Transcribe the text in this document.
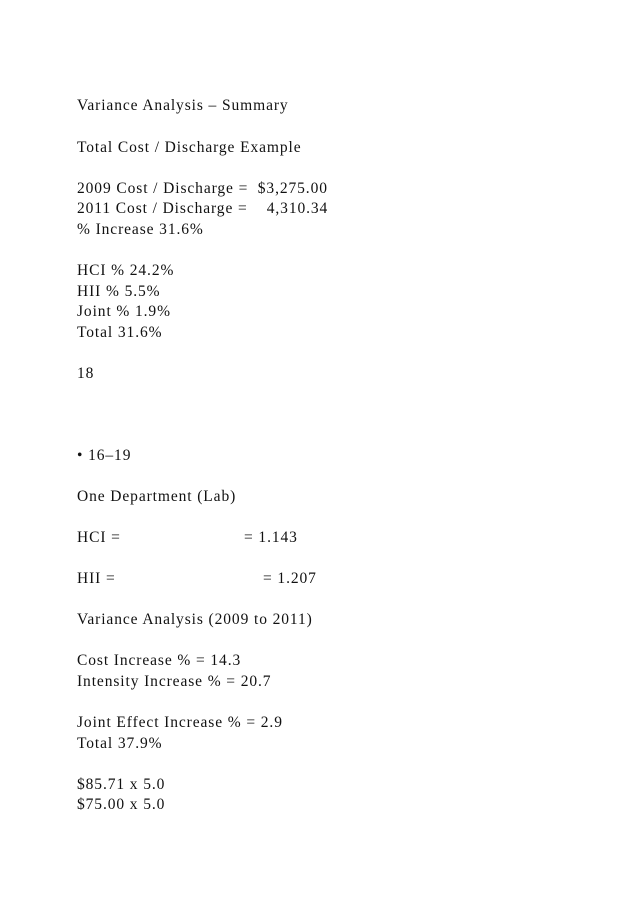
Variance Analysis – Summary
Total Cost / Discharge Example
2009 Cost / Discharge =  $3,275.00
2011 Cost / Discharge =    4,310.34
% Increase 31.6%
HCI % 24.2%
HII % 5.5%
Joint % 1.9%
Total 31.6%
18
• 16–19
One Department (Lab)
HCI =	= 1.143
HII =	= 1.207
Variance Analysis (2009 to 2011)
Cost Increase % = 14.3
Intensity Increase % = 20.7
Joint Effect Increase % = 2.9
Total 37.9%
$85.71 x 5.0
$75.00 x 5.0
